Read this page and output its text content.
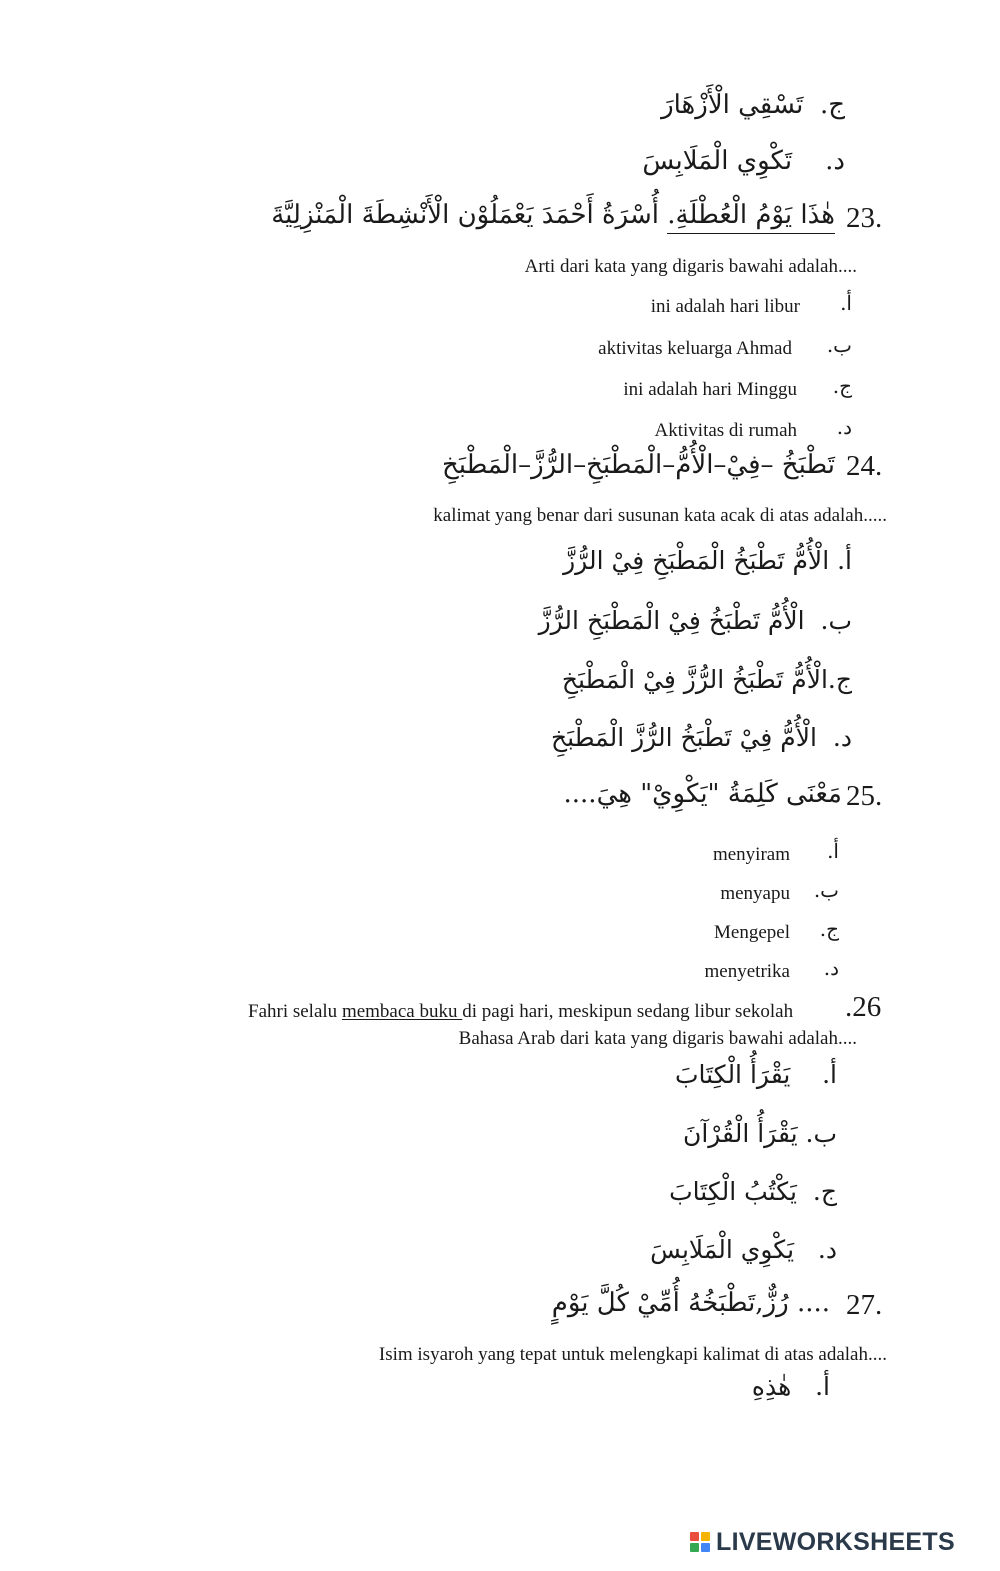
ج.  تَسْقِي الْأَزْهَارَ
د.    تَكْوِي الْمَلَابِسَ
23.
هٰذَا يَوْمُ الْعُطْلَةِ. أُسْرَةُ أَحْمَدَ يَعْمَلُوْن الْأَنْشِطَةَ الْمَنْزِلِيَّةَ
Arti dari kata yang digaris bawahi adalah....
ini adalah hari libur أ.
aktivitas keluarga Ahmad ب.
ini adalah hari Minggu ج.
Aktivitas di rumah د.
24.
تَطْبَخُ –فِيْ–الْأُمُّ–الْمَطْبَخِ–الرُّزَّ–الْمَطْبَخِ
kalimat yang benar dari susunan kata acak di atas adalah.....
أ. الْأُمُّ تَطْبَخُ الْمَطْبَخِ فِيْ الرُّزَّ
ب.  الْأُمُّ تَطْبَخُ فِيْ الْمَطْبَخِ الرُّزَّ
ج.الْأُمُّ تَطْبَخُ الرُّزَّ فِيْ الْمَطْبَخِ
د.  الْأُمُّ فِيْ تَطْبَخُ الرُّزَّ الْمَطْبَخِ
25.
مَعْنَى كَلِمَةُ "يَكْوِيْ" هِيَ....
menyiram أ.
menyapu ب.
Mengepel ج.
menyetrika د.
.26
Fahri selalu membaca buku di pagi hari, meskipun sedang libur sekolah
Bahasa Arab dari kata yang digaris bawahi adalah....
أ.    يَقْرَأُ الْكِتَابَ
ب. يَقْرَأُ الْقُرْآنَ
ج.  يَكْتُبُ الْكِتَابَ
د.   يَكْوِي الْمَلَابِسَ
27.
.... رُزٌّ,تَطْبَخُهُ أُمِّيْ كُلَّ يَوْمٍ
Isim isyaroh yang tepat untuk melengkapi kalimat di atas adalah....
أ.   هٰذِهِ
LIVEWORKSHEETS
